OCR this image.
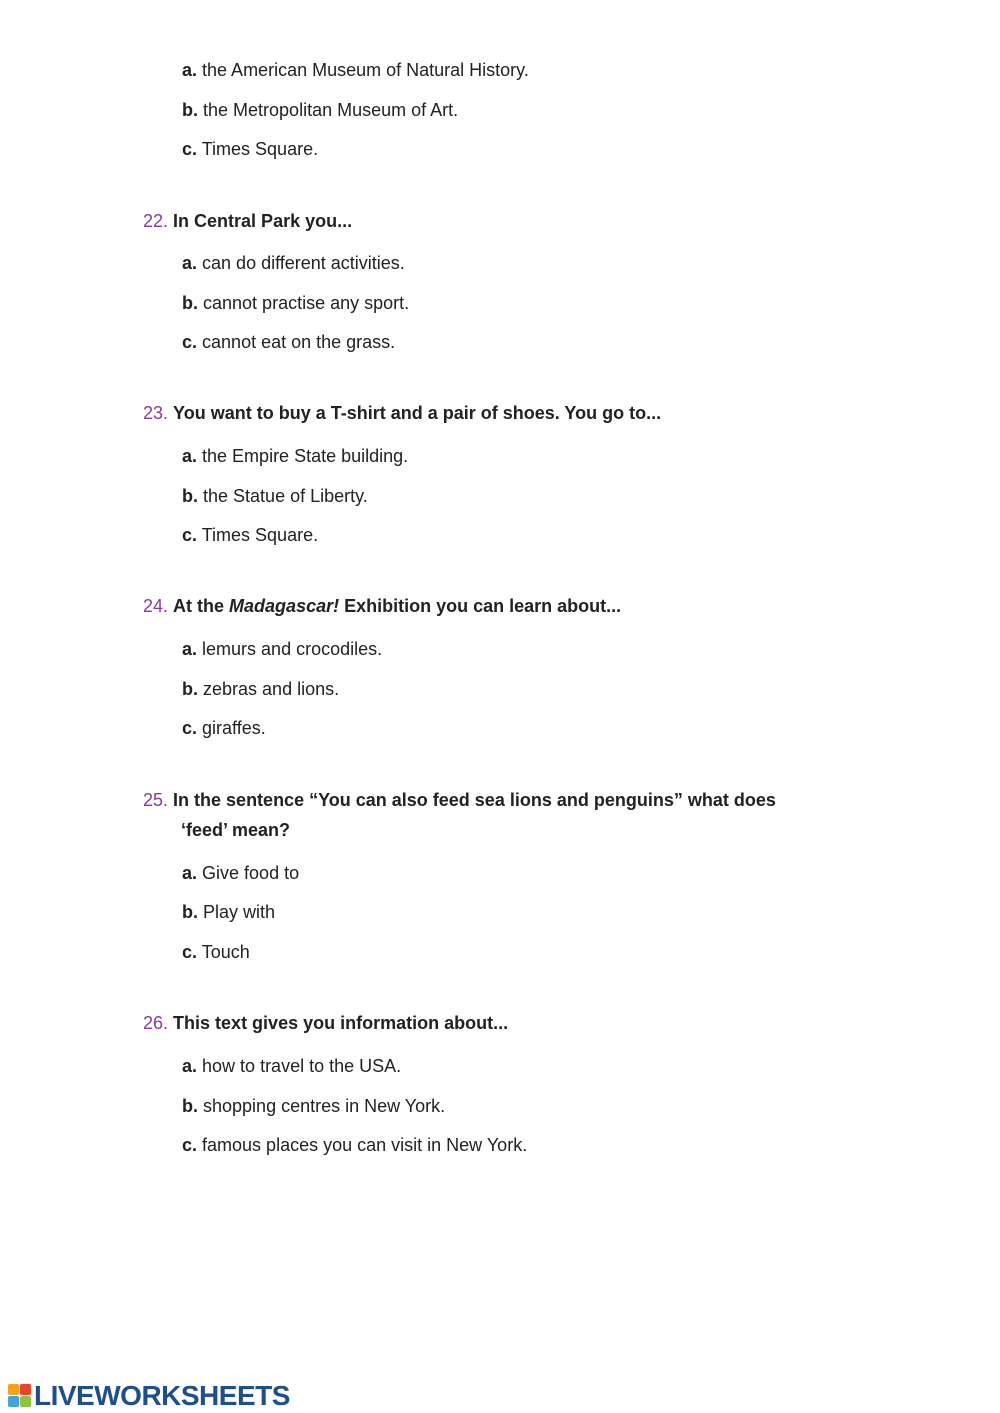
a. the American Museum of Natural History.
b. the Metropolitan Museum of Art.
c. Times Square.
22. In Central Park you...
a. can do different activities.
b. cannot practise any sport.
c. cannot eat on the grass.
23. You want to buy a T-shirt and a pair of shoes. You go to...
a. the Empire State building.
b. the Statue of Liberty.
c. Times Square.
24. At the Madagascar! Exhibition you can learn about...
a. lemurs and crocodiles.
b. zebras and lions.
c. giraffes.
25. In the sentence “You can also feed sea lions and penguins” what does
‘feed’ mean?
a. Give food to
b. Play with
c. Touch
26. This text gives you information about...
a. how to travel to the USA.
b. shopping centres in New York.
c. famous places you can visit in New York.
LIVEWORKSHEETS
